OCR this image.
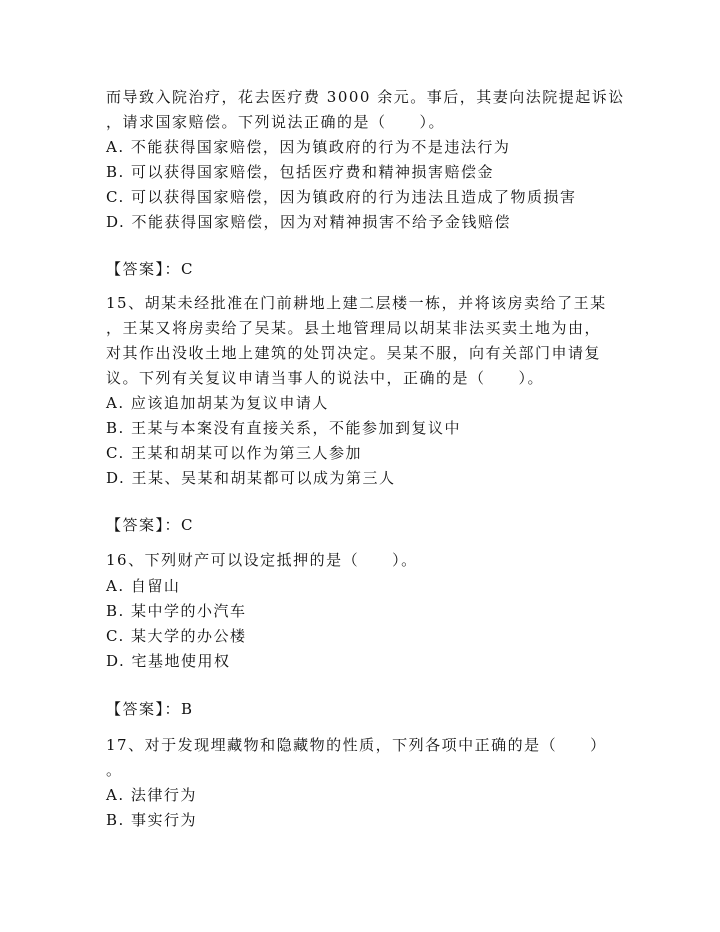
而导致入院治疗，花去医疗费 3000 余元。事后，其妻向法院提起诉讼
，请求国家赔偿。下列说法正确的是（　　）。
A. 不能获得国家赔偿，因为镇政府的行为不是违法行为
B. 可以获得国家赔偿，包括医疗费和精神损害赔偿金
C. 可以获得国家赔偿，因为镇政府的行为违法且造成了物质损害
D. 不能获得国家赔偿，因为对精神损害不给予金钱赔偿
【答案】：C
15、胡某未经批准在门前耕地上建二层楼一栋，并将该房卖给了王某
，王某又将房卖给了吴某。县土地管理局以胡某非法买卖土地为由，
对其作出没收土地上建筑的处罚决定。吴某不服，向有关部门申请复
议。下列有关复议申请当事人的说法中，正确的是（　　）。
A. 应该追加胡某为复议申请人
B. 王某与本案没有直接关系，不能参加到复议中
C. 王某和胡某可以作为第三人参加
D. 王某、吴某和胡某都可以成为第三人
【答案】：C
16、下列财产可以设定抵押的是（　　）。
A. 自留山
B. 某中学的小汽车
C. 某大学的办公楼
D. 宅基地使用权
【答案】：B
17、对于发现埋藏物和隐藏物的性质，下列各项中正确的是（　　）
。
A. 法律行为
B. 事实行为
